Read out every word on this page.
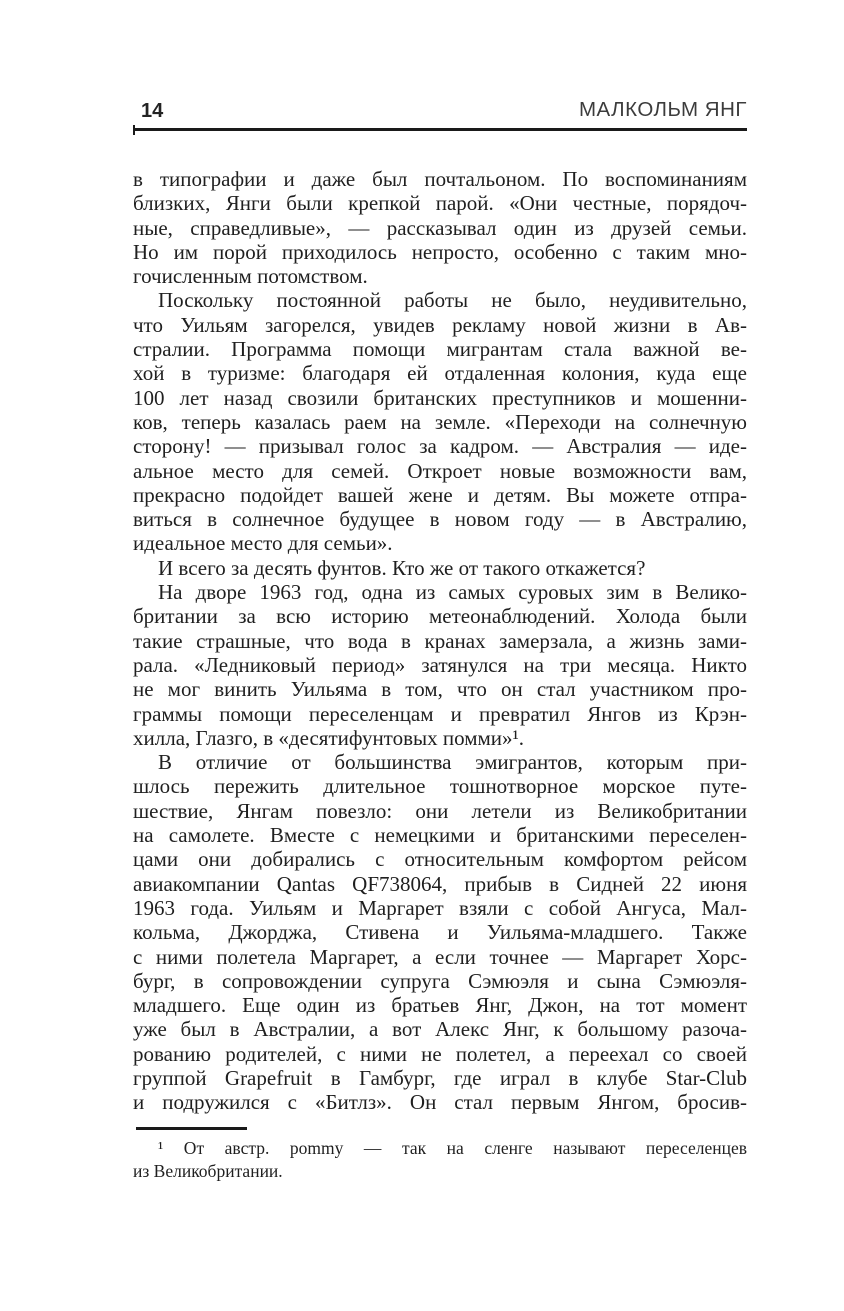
14	МАЛКОЛЬМ ЯНГ
в типографии и даже был почтальоном. По воспоминаниям
близких, Янги были крепкой парой. «Они честные, порядоч-
ные, справедливые», — рассказывал один из друзей семьи.
Но им порой приходилось непросто, особенно с таким мно-
гочисленным потомством.
Поскольку постоянной работы не было, неудивительно,
что Уильям загорелся, увидев рекламу новой жизни в Ав-
стралии. Программа помощи мигрантам стала важной ве-
хой в туризме: благодаря ей отдаленная колония, куда еще
100 лет назад свозили британских преступников и мошенни-
ков, теперь казалась раем на земле. «Переходи на солнечную
сторону! — призывал голос за кадром. — Австралия — иде-
альное место для семей. Откроет новые возможности вам,
прекрасно подойдет вашей жене и детям. Вы можете отпра-
виться в солнечное будущее в новом году — в Австралию,
идеальное место для семьи».
И всего за десять фунтов. Кто же от такого откажется?
На дворе 1963 год, одна из самых суровых зим в Велико-
британии за всю историю метеонаблюдений. Холода были
такие страшные, что вода в кранах замерзала, а жизнь зами-
рала. «Ледниковый период» затянулся на три месяца. Никто
не мог винить Уильяма в том, что он стал участником про-
граммы помощи переселенцам и превратил Янгов из Крэн-
хилла, Глазго, в «десятифунтовых помми»¹.
В отличие от большинства эмигрантов, которым при-
шлось пережить длительное тошнотворное морское путе-
шествие, Янгам повезло: они летели из Великобритании
на самолете. Вместе с немецкими и британскими переселен-
цами они добирались с относительным комфортом рейсом
авиакомпании Qantas QF738064, прибыв в Сидней 22 июня
1963 года. Уильям и Маргарет взяли с собой Ангуса, Мал-
кольма, Джорджа, Стивена и Уильяма-младшего. Также
с ними полетела Маргарет, а если точнее — Маргарет Хорс-
бург, в сопровождении супруга Сэмюэля и сына Сэмюэля-
младшего. Еще один из братьев Янг, Джон, на тот момент
уже был в Австралии, а вот Алекс Янг, к большому разоча-
рованию родителей, с ними не полетел, а переехал со своей
группой Grapefruit в Гамбург, где играл в клубе Star-Club
и подружился с «Битлз». Он стал первым Янгом, бросив-
¹ От австр. pommy — так на сленге называют переселенцев
из Великобритании.
